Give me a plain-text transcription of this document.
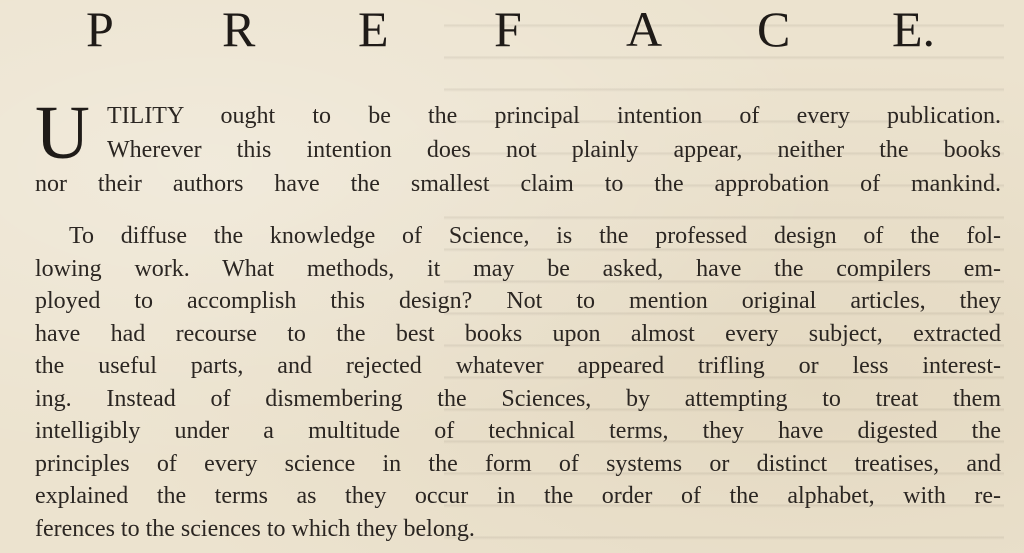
P R E F A C E.
U TILITY ought to be the principal intention of every publication.
Wherever this intention does not plainly appear, neither the books
nor their authors have the smallest claim to the approbation of mankind.
To diffuse the knowledge of Science, is the professed design of the fol-
lowing work. What methods, it may be asked, have the compilers em-
ployed to accomplish this design? Not to mention original articles, they
have had recourse to the best books upon almost every subject, extracted
the useful parts, and rejected whatever appeared trifling or less interest-
ing. Instead of dismembering the Sciences, by attempting to treat them
intelligibly under a multitude of technical terms, they have digested the
principles of every science in the form of systems or distinct treatises, and
explained the terms as they occur in the order of the alphabet, with re-
ferences to the sciences to which they belong.
